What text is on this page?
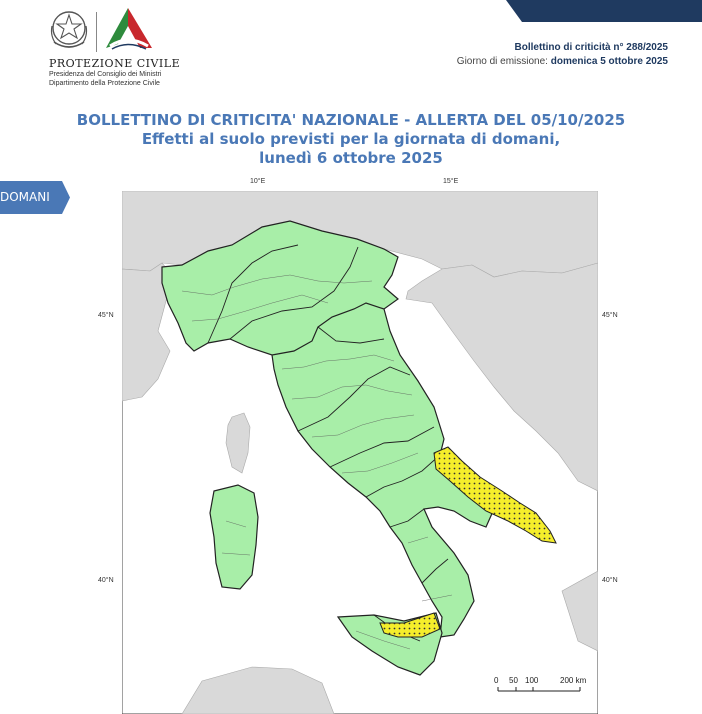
PROTEZIONE CIVILE
Presidenza del Consiglio dei Ministri
Dipartimento della Protezione Civile
Bollettino di criticità n° 288/2025
Giorno di emissione: domenica 5 ottobre 2025
BOLLETTINO DI CRITICITA' NAZIONALE - ALLERTA DEL 05/10/2025
Effetti al suolo previsti per la giornata di domani,
lunedì 6 ottobre 2025
DOMANI
10°E	15°E
45°N	45°N
40°N	40°N
0 50 100	200 km
